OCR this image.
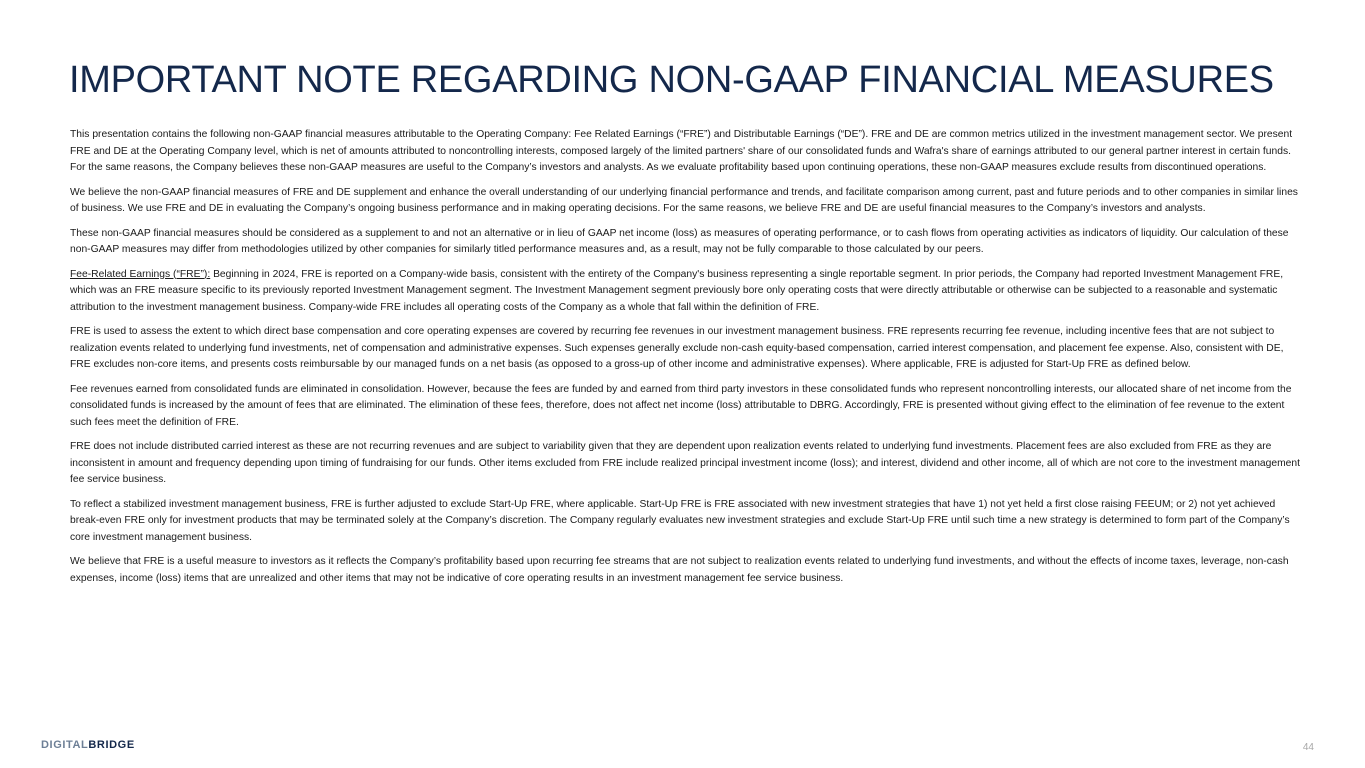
IMPORTANT NOTE REGARDING NON-GAAP FINANCIAL MEASURES

This presentation contains the following non-GAAP financial measures attributable to the Operating Company: Fee Related Earnings (“FRE”) and Distributable Earnings (“DE”). FRE and DE are common metrics utilized in the investment management sector. We present FRE and DE at the Operating Company level, which is net of amounts attributed to noncontrolling interests, composed largely of the limited partners' share of our consolidated funds and Wafra's share of earnings attributed to our general partner interest in certain funds. For the same reasons, the Company believes these non-GAAP measures are useful to the Company’s investors and analysts. As we evaluate profitability based upon continuing operations, these non-GAAP measures exclude results from discontinued operations.

We believe the non-GAAP financial measures of FRE and DE supplement and enhance the overall understanding of our underlying financial performance and trends, and facilitate comparison among current, past and future periods and to other companies in similar lines of business. We use FRE and DE in evaluating the Company’s ongoing business performance and in making operating decisions. For the same reasons, we believe FRE and DE are useful financial measures to the Company’s investors and analysts.

These non-GAAP financial measures should be considered as a supplement to and not an alternative or in lieu of GAAP net income (loss) as measures of operating performance, or to cash flows from operating activities as indicators of liquidity. Our calculation of these non-GAAP measures may differ from methodologies utilized by other companies for similarly titled performance measures and, as a result, may not be fully comparable to those calculated by our peers.

Fee-Related Earnings (“FRE”): Beginning in 2024, FRE is reported on a Company-wide basis, consistent with the entirety of the Company's business representing a single reportable segment. In prior periods, the Company had reported Investment Management FRE, which was an FRE measure specific to its previously reported Investment Management segment. The Investment Management segment previously bore only operating costs that were directly attributable or otherwise can be subjected to a reasonable and systematic attribution to the investment management business. Company-wide FRE includes all operating costs of the Company as a whole that fall within the definition of FRE.

FRE is used to assess the extent to which direct base compensation and core operating expenses are covered by recurring fee revenues in our investment management business. FRE represents recurring fee revenue, including incentive fees that are not subject to realization events related to underlying fund investments, net of compensation and administrative expenses. Such expenses generally exclude non-cash equity-based compensation, carried interest compensation, and placement fee expense. Also, consistent with DE, FRE excludes non-core items, and presents costs reimbursable by our managed funds on a net basis (as opposed to a gross-up of other income and administrative expenses). Where applicable, FRE is adjusted for Start-Up FRE as defined below.

Fee revenues earned from consolidated funds are eliminated in consolidation. However, because the fees are funded by and earned from third party investors in these consolidated funds who represent noncontrolling interests, our allocated share of net income from the consolidated funds is increased by the amount of fees that are eliminated. The elimination of these fees, therefore, does not affect net income (loss) attributable to DBRG. Accordingly, FRE is presented without giving effect to the elimination of fee revenue to the extent such fees meet the definition of FRE.

FRE does not include distributed carried interest as these are not recurring revenues and are subject to variability given that they are dependent upon realization events related to underlying fund investments. Placement fees are also excluded from FRE as they are inconsistent in amount and frequency depending upon timing of fundraising for our funds. Other items excluded from FRE include realized principal investment income (loss); and interest, dividend and other income, all of which are not core to the investment management fee service business.

To reflect a stabilized investment management business, FRE is further adjusted to exclude Start-Up FRE, where applicable. Start-Up FRE is FRE associated with new investment strategies that have 1) not yet held a first close raising FEEUM; or 2) not yet achieved break-even FRE only for investment products that may be terminated solely at the Company’s discretion. The Company regularly evaluates new investment strategies and exclude Start-Up FRE until such time a new strategy is determined to form part of the Company’s core investment management business.

We believe that FRE is a useful measure to investors as it reflects the Company’s profitability based upon recurring fee streams that are not subject to realization events related to underlying fund investments, and without the effects of income taxes, leverage, non-cash expenses, income (loss) items that are unrealized and other items that may not be indicative of core operating results in an investment management fee service business.

DIGITALBRIDGE	44
